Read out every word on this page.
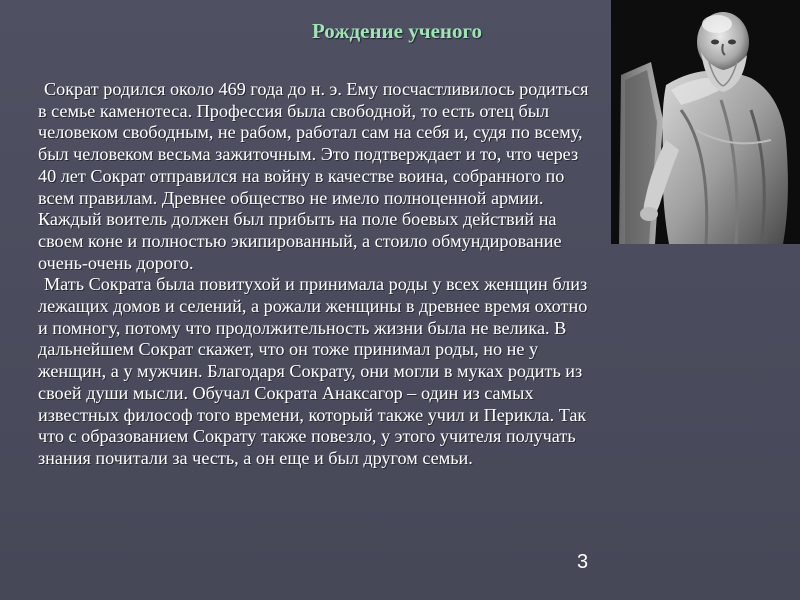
Рождение ученого

Сократ родился около 469 года до н. э. Ему посчастливилось родиться в семье каменотеса. Профессия была свободной, то есть отец был человеком свободным, не рабом, работал сам на себя и, судя по всему, был человеком весьма зажиточным. Это подтверждает и то, что через 40 лет Сократ отправился на войну в качестве воина, собранного по всем правилам. Древнее общество не имело полноценной армии. Каждый воитель должен был прибыть на поле боевых действий на своем коне и полностью экипированный, а стоило обмундирование очень-очень дорого.

Мать Сократа была повитухой и принимала роды у всех женщин близ лежащих домов и селений, а рожали женщины в древнее время охотно и помногу, потому что продолжительность жизни была не велика. В дальнейшем Сократ скажет, что он тоже принимал роды, но не у женщин, а у мужчин. Благодаря Сократу, они могли в муках родить из своей души мысли. Обучал Сократа Анаксагор – один из самых известных философ того времени, который также учил и Перикла. Так что с образованием Сократу также повезло, у этого учителя получать знания почитали за честь, а он еще и был другом семьи.

3
